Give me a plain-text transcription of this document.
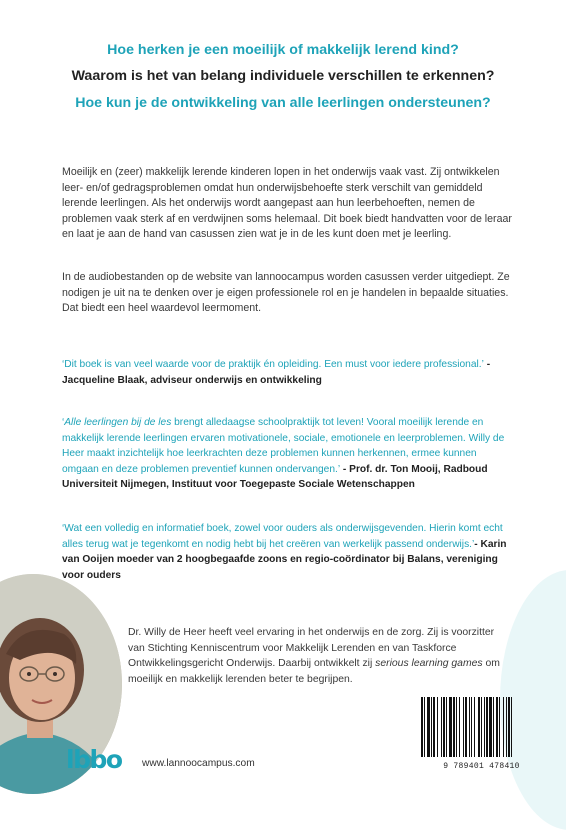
Hoe herken je een moeilijk of makkelijk lerend kind?
Waarom is het van belang individuele verschillen te erkennen?
Hoe kun je de ontwikkeling van alle leerlingen ondersteunen?

Moeilijk en (zeer) makkelijk lerende kinderen lopen in het onderwijs vaak vast. Zij ontwikkelen leer- en/of gedragsproblemen omdat hun onderwijsbehoefte sterk verschilt van gemiddeld lerende leerlingen. Als het onderwijs wordt aangepast aan hun leerbehoeften, nemen de problemen vaak sterk af en verdwijnen soms helemaal. Dit boek biedt handvatten voor de leraar en laat je aan de hand van casussen zien wat je in de les kunt doen met je leerling.

In de audiobestanden op de website van lannoocampus worden casussen verder uitgediept. Ze nodigen je uit na te denken over je eigen professionele rol en je handelen in bepaalde situaties. Dat biedt een heel waardevol leermoment.

‘Dit boek is van veel waarde voor de praktijk én opleiding. Een must voor iedere professional.’ - Jacqueline Blaak, adviseur onderwijs en ontwikkeling

‘Alle leerlingen bij de les brengt alledaagse schoolpraktijk tot leven! Vooral moeilijk lerende en makkelijk lerende leerlingen ervaren motivationele, sociale, emotionele en leerproblemen. Willy de Heer maakt inzichtelijk hoe leerkrachten deze problemen kunnen herkennen, ermee kunnen omgaan en deze problemen preventief kunnen ondervangen.’ - Prof. dr. Ton Mooij, Radboud Universiteit Nijmegen, Instituut voor Toegepaste Sociale Wetenschappen

‘Wat een volledig en informatief boek, zowel voor ouders als onderwijsgevenden. Hierin komt echt alles terug wat je tegenkomt en nodig hebt bij het creëren van werkelijk passend onderwijs.’- Karin van Ooijen moeder van 2 hoogbegaafde zoons en regio-coördinator bij Balans, vereniging voor ouders

Dr. Willy de Heer heeft veel ervaring in het onderwijs en de zorg. Zij is voorzitter van Stichting Kenniscentrum voor Makkelijk Lerenden en van Taskforce Ontwikkelingsgericht Onderwijs. Daarbij ontwikkelt zij serious learning games om moeilijk en makkelijk lerenden beter te begrijpen.

lbbo www.lannoocampus.com	9 789401 478410
